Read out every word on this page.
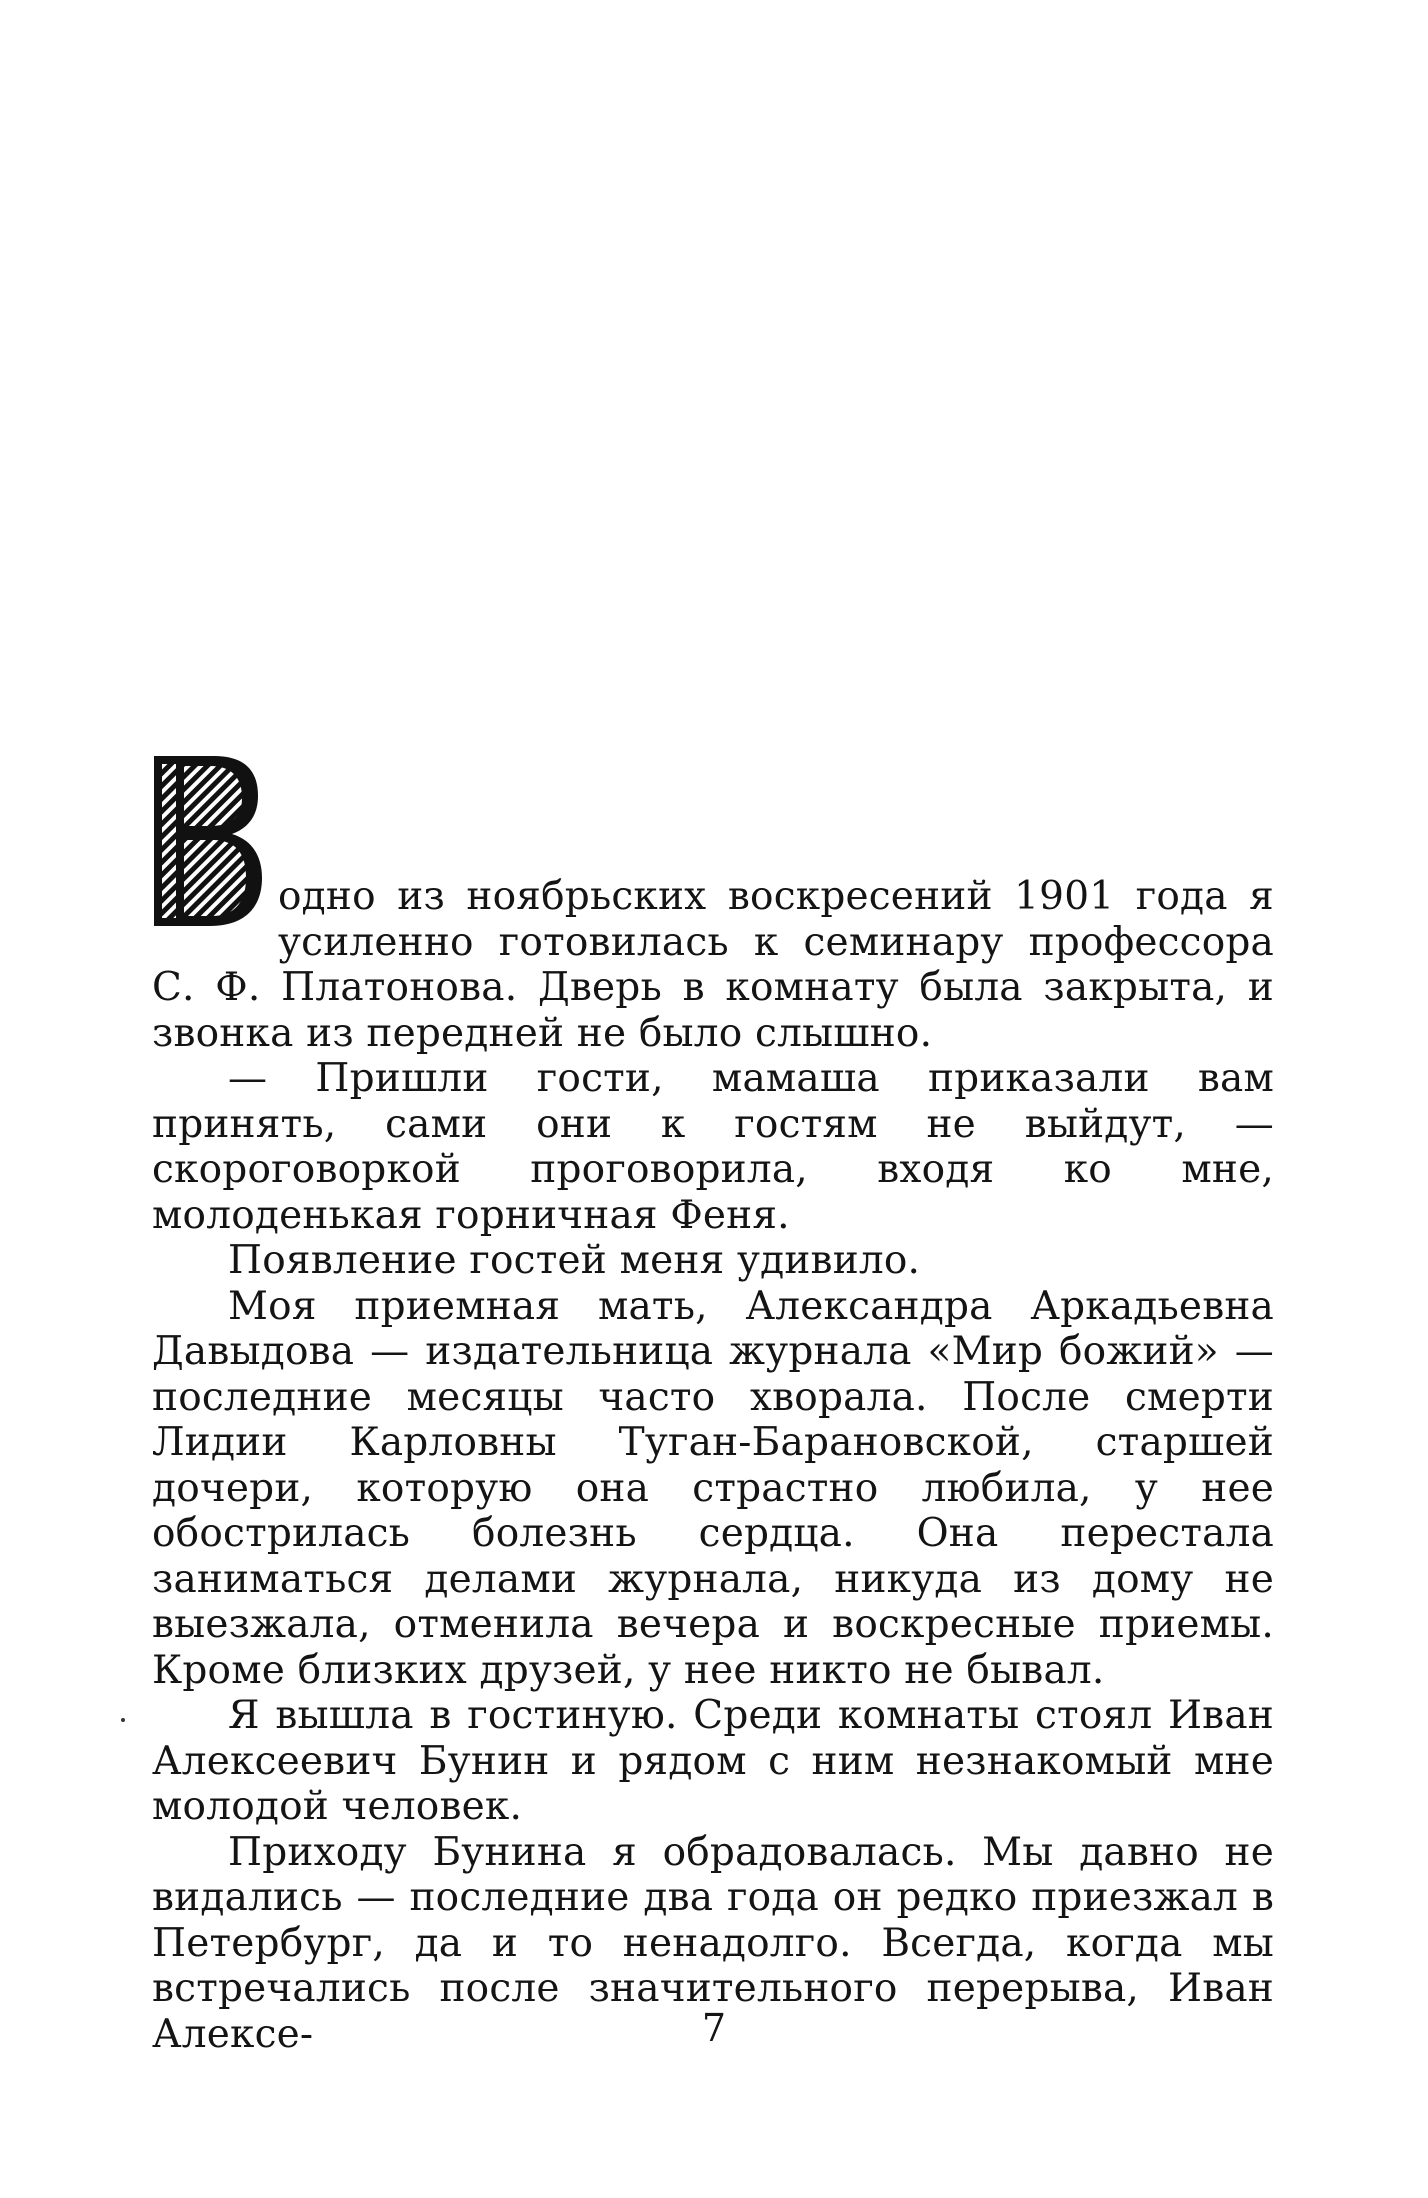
одно из ноябрьских воскресений 1901 года я усиленно готовилась к семинару профессора С. Ф. Платонова. Дверь в комнату была закрыта, и звонка из передней не было слышно.

— Пришли гости, мамаша приказали вам принять, сами они к гостям не выйдут, — скороговоркой проговорила, входя ко мне, молоденькая горничная Феня.

Появление гостей меня удивило.

Моя приемная мать, Александра Аркадьевна Давыдова — издательница журнала «Мир божий» — последние месяцы часто хворала. После смерти Лидии Карловны Туган-Барановской, старшей дочери, которую она страстно любила, у нее обострилась болезнь сердца. Она перестала заниматься делами журнала, никуда из дому не выезжала, отменила вечера и воскресные приемы. Кроме близких друзей, у нее никто не бывал.

Я вышла в гостиную. Среди комнаты стоял Иван Алексеевич Бунин и рядом с ним незнакомый мне молодой человек.

Приходу Бунина я обрадовалась. Мы давно не видались — последние два года он редко приезжал в Петербург, да и то ненадолго. Всегда, когда мы встречались после значительного перерыва, Иван Алексе-	7
